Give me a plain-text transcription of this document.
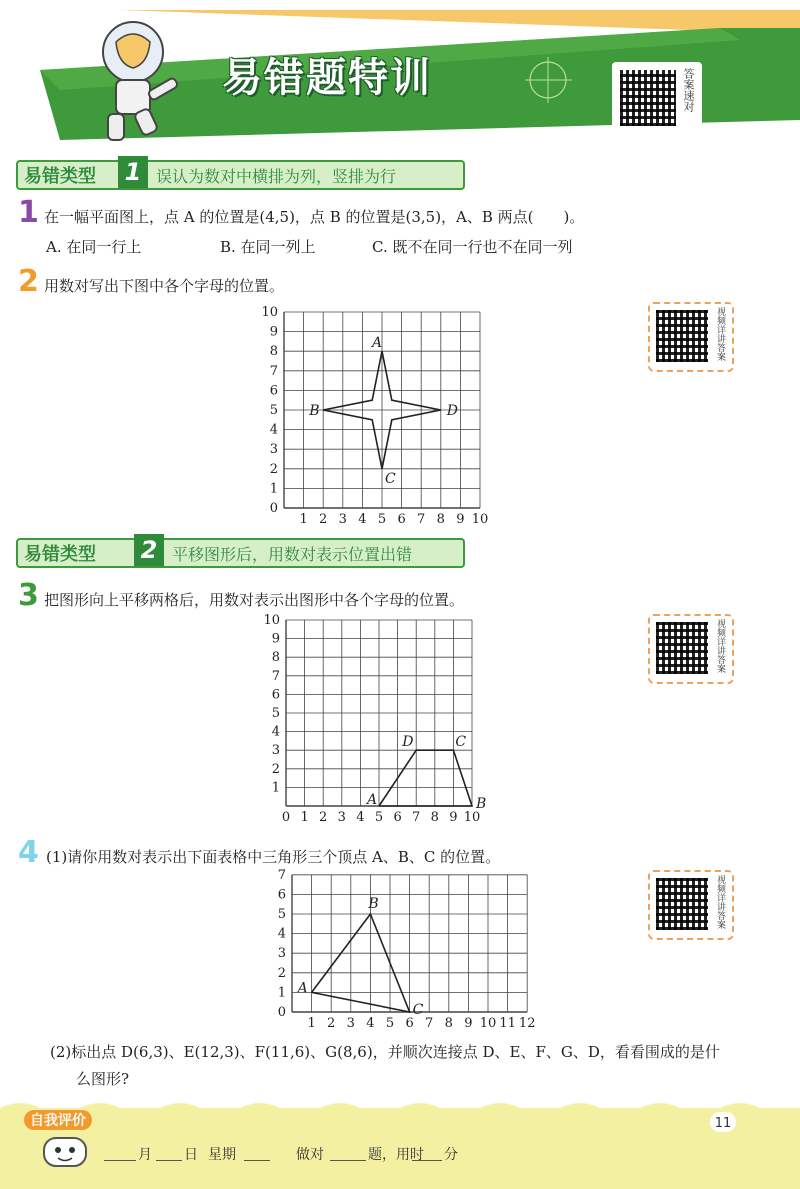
易错题特训	答案速对
易错类型 1 误认为数对中横排为列，竖排为行
1 在一幅平面图上，点 A 的位置是(4,5)，点 B 的位置是(3,5)，A、B 两点(　　)。
A. 在同一行上	B. 在同一列上	C. 既不在同一行也不在同一列
2 用数对写出下图中各个字母的位置。
1 2 3 4 5 6 7 8 9 10
0
1
2
3
4
5
6
7
8
9
10
A
B
C
D
视频详讲答案
易错类型 2 平移图形后，用数对表示位置出错
3 把图形向上平移两格后，用数对表示出图形中各个字母的位置。
0 1 2 3 4 5 6 7 8 9 10
1
2
3
4
5
6
7
8
9
10
A	B
C
D
视频详讲答案
4 (1)请你用数对表示出下面表格中三角形三个顶点 A、B、C 的位置。
1 2 3 4 5 6 7 8 9 10 11 12
0
1
2
3
4
5
6
7
A
B
C
视频详讲答案
(2)标出点 D(6,3)、E(12,3)、F(11,6)、G(8,6)，并顺次连接点 D、E、F、G、D，看看围成的是什
么图形?
自我评价
月 日 星期	做对	题，用时 分
11
